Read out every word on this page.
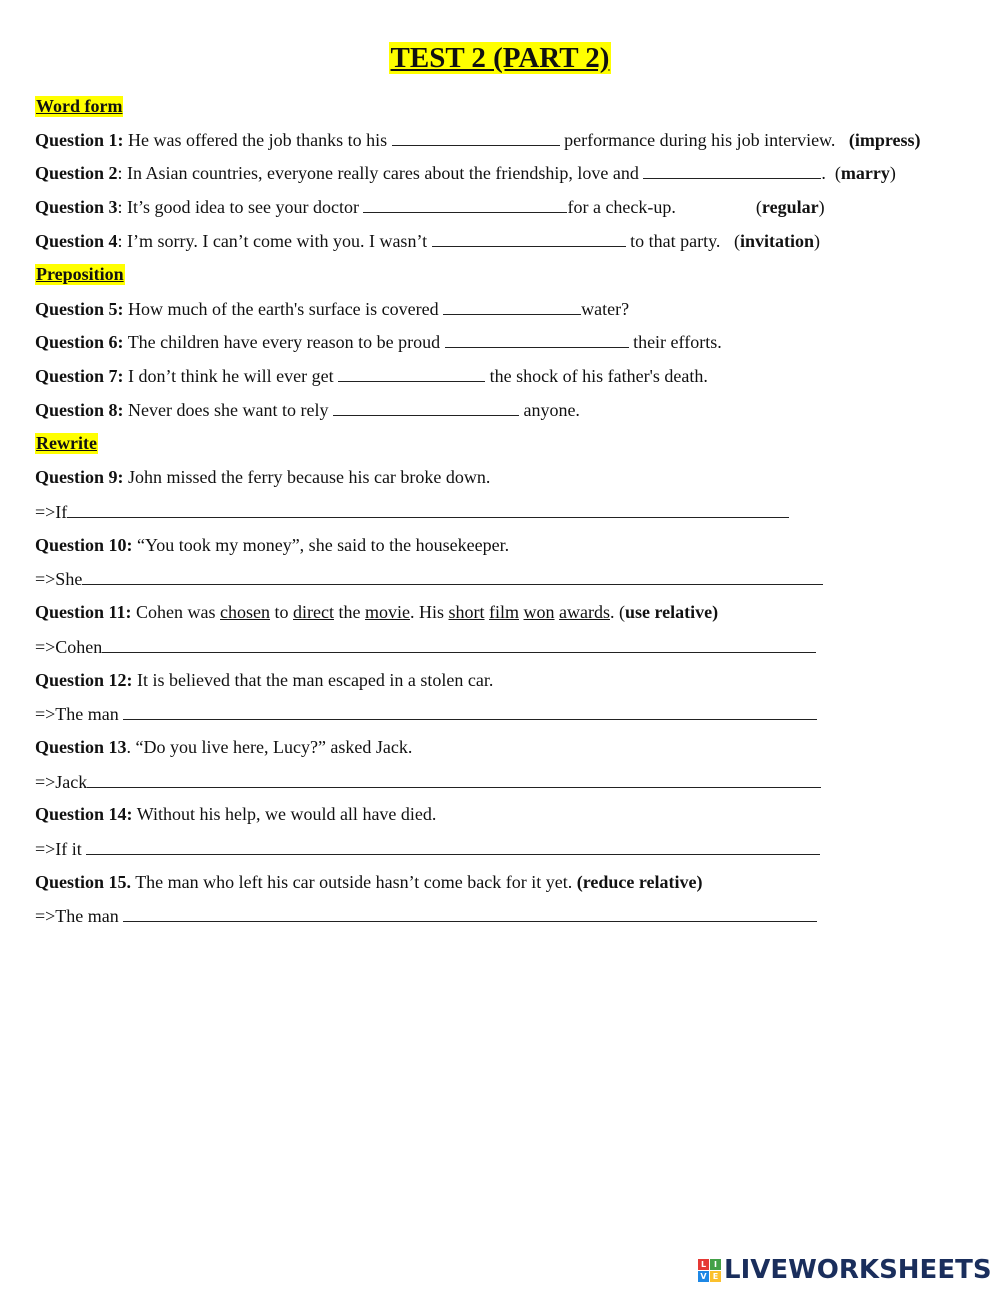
TEST 2 (PART 2)
Word form
Question 1: He was offered the job thanks to his	performance during his job interview. (impress)
Question 2: In Asian countries, everyone really cares about the friendship, love and	. (marry)
Question 3: It’s good idea to see your doctor	for a check-up.	(regular)
Question 4: I’m sorry. I can’t come with you. I wasn’t	to that party. (invitation)
Preposition
Question 5: How much of the earth's surface is covered	water?
Question 6: The children have every reason to be proud	their efforts.
Question 7: I don’t think he will ever get	the shock of his father's death.
Question 8: Never does she want to rely	anyone.
Rewrite
Question 9: John missed the ferry because his car broke down.
=>If
Question 10: “You took my money”, she said to the housekeeper.
=>She
Question 11: Cohen was chosen to direct the movie. His short film won awards. (use relative)
=>Cohen
Question 12: It is believed that the man escaped in a stolen car.
=>The man
Question 13. “Do you live here, Lucy?” asked Jack.
=>Jack
Question 14: Without his help, we would all have died.
=>If it
Question 15. The man who left his car outside hasn’t come back for it yet. (reduce relative)
=>The man
L I
V E LIVEWORKSHEETS
